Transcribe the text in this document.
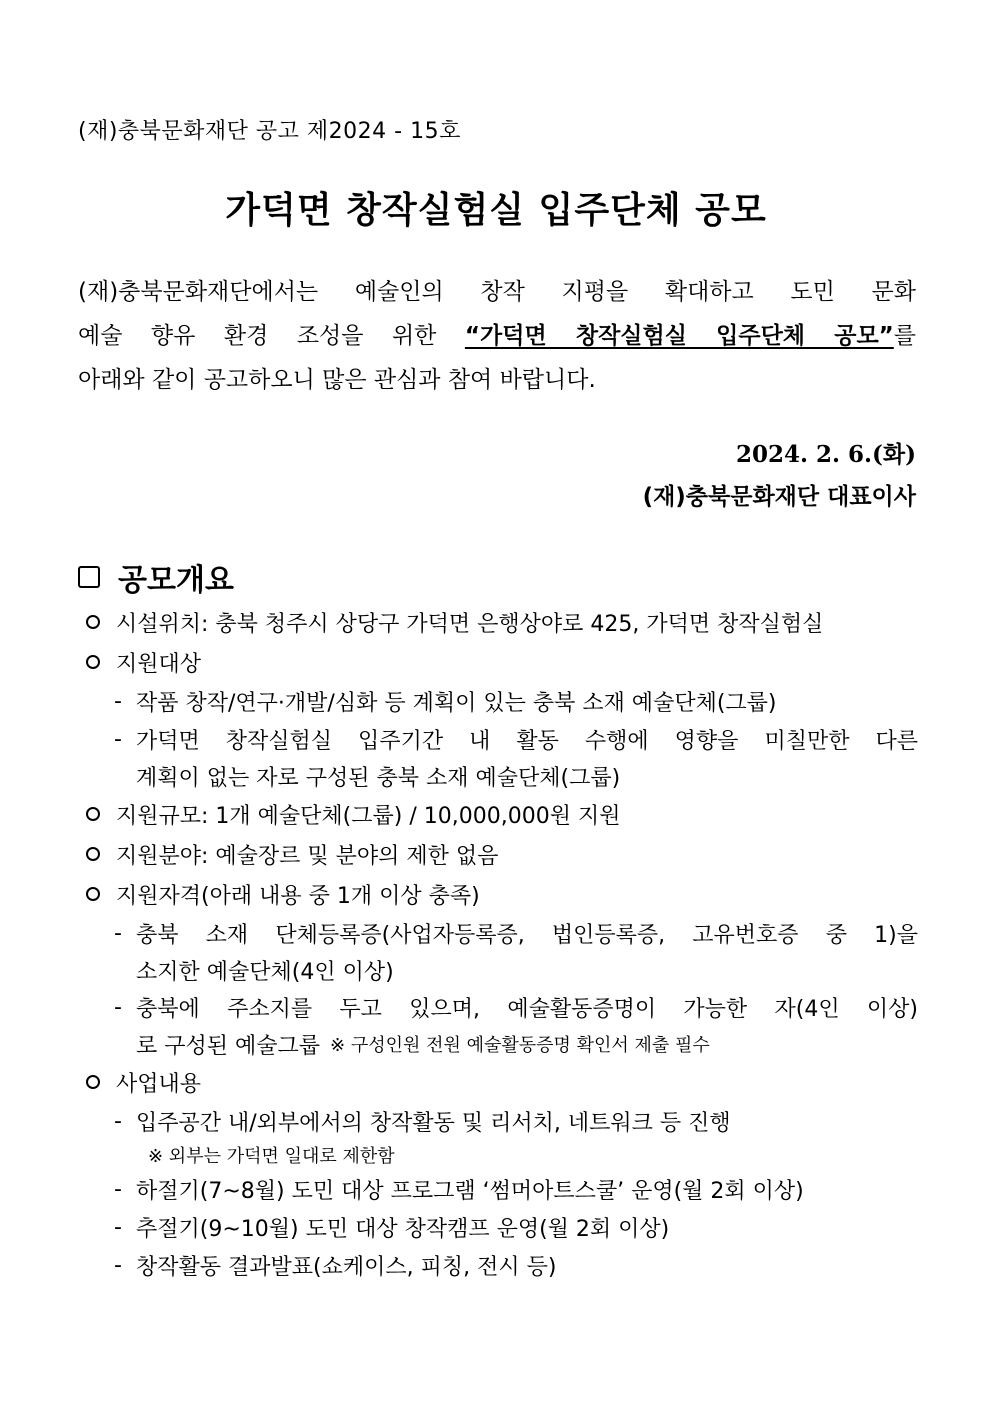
(재)충북문화재단 공고 제2024 - 15호
가덕면 창작실험실 입주단체 공모
(재)충북문화재단에서는 예술인의 창작 지평을 확대하고 도민 문화
예술 향유 환경 조성을 위한 “가덕면 창작실험실 입주단체 공모”를
아래와 같이 공고하오니 많은 관심과 참여 바랍니다.
2024. 2. 6.(화)
(재)충북문화재단 대표이사
공모개요
시설위치: 충북 청주시 상당구 가덕면 은행상야로 425, 가덕면 창작실험실
지원대상
- 작품 창작/연구·개발/심화 등 계획이 있는 충북 소재 예술단체(그룹)
- 가덕면 창작실험실 입주기간 내 활동 수행에 영향을 미칠만한 다른
계획이 없는 자로 구성된 충북 소재 예술단체(그룹)
지원규모: 1개 예술단체(그룹) / 10,000,000원 지원
지원분야: 예술장르 및 분야의 제한 없음
지원자격(아래 내용 중 1개 이상 충족)
- 충북 소재 단체등록증(사업자등록증, 법인등록증, 고유번호증 중 1)을
소지한 예술단체(4인 이상)
- 충북에 주소지를 두고 있으며, 예술활동증명이 가능한 자(4인 이상)
로 구성된 예술그룹 ※ 구성인원 전원 예술활동증명 확인서 제출 필수
사업내용
- 입주공간 내/외부에서의 창작활동 및 리서치, 네트워크 등 진행
※ 외부는 가덕면 일대로 제한함
- 하절기(7~8월) 도민 대상 프로그램 ‘썸머아트스쿨’ 운영(월 2회 이상)
- 추절기(9~10월) 도민 대상 창작캠프 운영(월 2회 이상)
- 창작활동 결과발표(쇼케이스, 피칭, 전시 등)
